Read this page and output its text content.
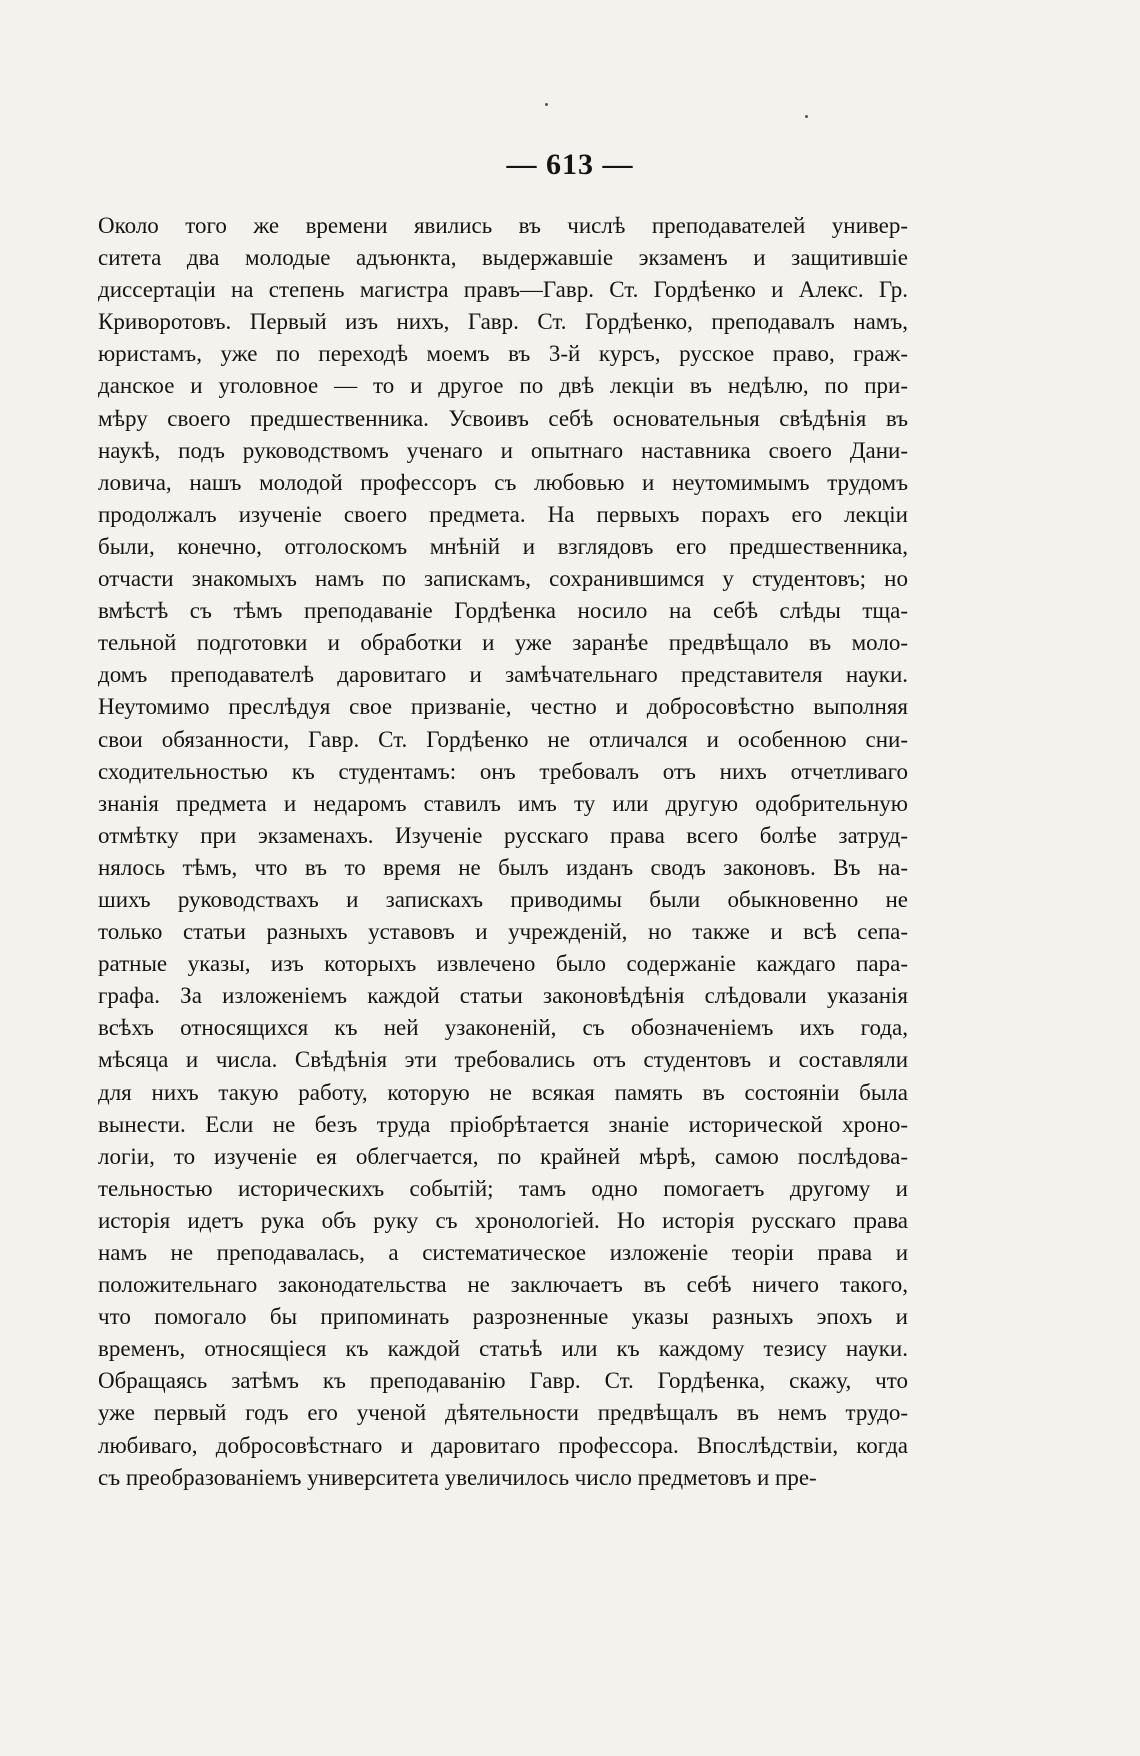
— 613 —
Около того же времени явились въ числѣ преподавателей универ-
ситета два молодые адъюнкта, выдержавшіе экзаменъ и защитившіе
диссертаціи на степень магистра правъ—Гавр. Ст. Гордѣенко и Алекс. Гр.
Криворотовъ. Первый изъ нихъ, Гавр. Ст. Гордѣенко, преподавалъ намъ,
юристамъ, уже по переходѣ моемъ въ 3-й курсъ, русское право, граж-
данское и уголовное — то и другое по двѣ лекціи въ недѣлю, по при-
мѣру своего предшественника. Усвоивъ себѣ основательныя свѣдѣнія въ
наукѣ, подъ руководствомъ ученаго и опытнаго наставника своего Дани-
ловича, нашъ молодой профессоръ съ любовью и неутомимымъ трудомъ
продолжалъ изученіе своего предмета. На первыхъ порахъ его лекціи
были, конечно, отголоскомъ мнѣній и взглядовъ его предшественника,
отчасти знакомыхъ намъ по запискамъ, сохранившимся у студентовъ; но
вмѣстѣ съ тѣмъ преподаваніе Гордѣенка носило на себѣ слѣды тща-
тельной подготовки и обработки и уже заранѣе предвѣщало въ моло-
домъ преподавателѣ даровитаго и замѣчательнаго представителя науки.
Неутомимо преслѣдуя свое призваніе, честно и добросовѣстно выполняя
свои обязанности, Гавр. Ст. Гордѣенко не отличался и особенною сни-
сходительностью къ студентамъ: онъ требовалъ отъ нихъ отчетливаго
знанія предмета и недаромъ ставилъ имъ ту или другую одобрительную
отмѣтку при экзаменахъ. Изученіе русскаго права всего болѣе затруд-
нялось тѣмъ, что въ то время не былъ изданъ сводъ законовъ. Въ на-
шихъ руководствахъ и запискахъ приводимы были обыкновенно не
только статьи разныхъ уставовъ и учрежденій, но также и всѣ сепа-
ратные указы, изъ которыхъ извлечено было содержаніе каждаго пара-
графа. За изложеніемъ каждой статьи законовѣдѣнія слѣдовали указанія
всѣхъ относящихся къ ней узаконеній, съ обозначеніемъ ихъ года,
мѣсяца и числа. Свѣдѣнія эти требовались отъ студентовъ и составляли
для нихъ такую работу, которую не всякая память въ состояніи была
вынести. Если не безъ труда пріобрѣтается знаніе исторической хроно-
логіи, то изученіе ея облегчается, по крайней мѣрѣ, самою послѣдова-
тельностью историческихъ событій; тамъ одно помогаетъ другому и
исторія идетъ рука объ руку съ хронологіей. Но исторія русскаго права
намъ не преподавалась, а систематическое изложеніе теоріи права и
положительнаго законодательства не заключаетъ въ себѣ ничего такого,
что помогало бы припоминать разрозненные указы разныхъ эпохъ и
временъ, относящіеся къ каждой статьѣ или къ каждому тезису науки.
Обращаясь затѣмъ къ преподаванію Гавр. Ст. Гордѣенка, скажу, что
уже первый годъ его ученой дѣятельности предвѣщалъ въ немъ трудо-
любиваго, добросовѣстнаго и даровитаго профессора. Впослѣдствіи, когда
съ преобразованіемъ университета увеличилось число предметовъ и пре-
